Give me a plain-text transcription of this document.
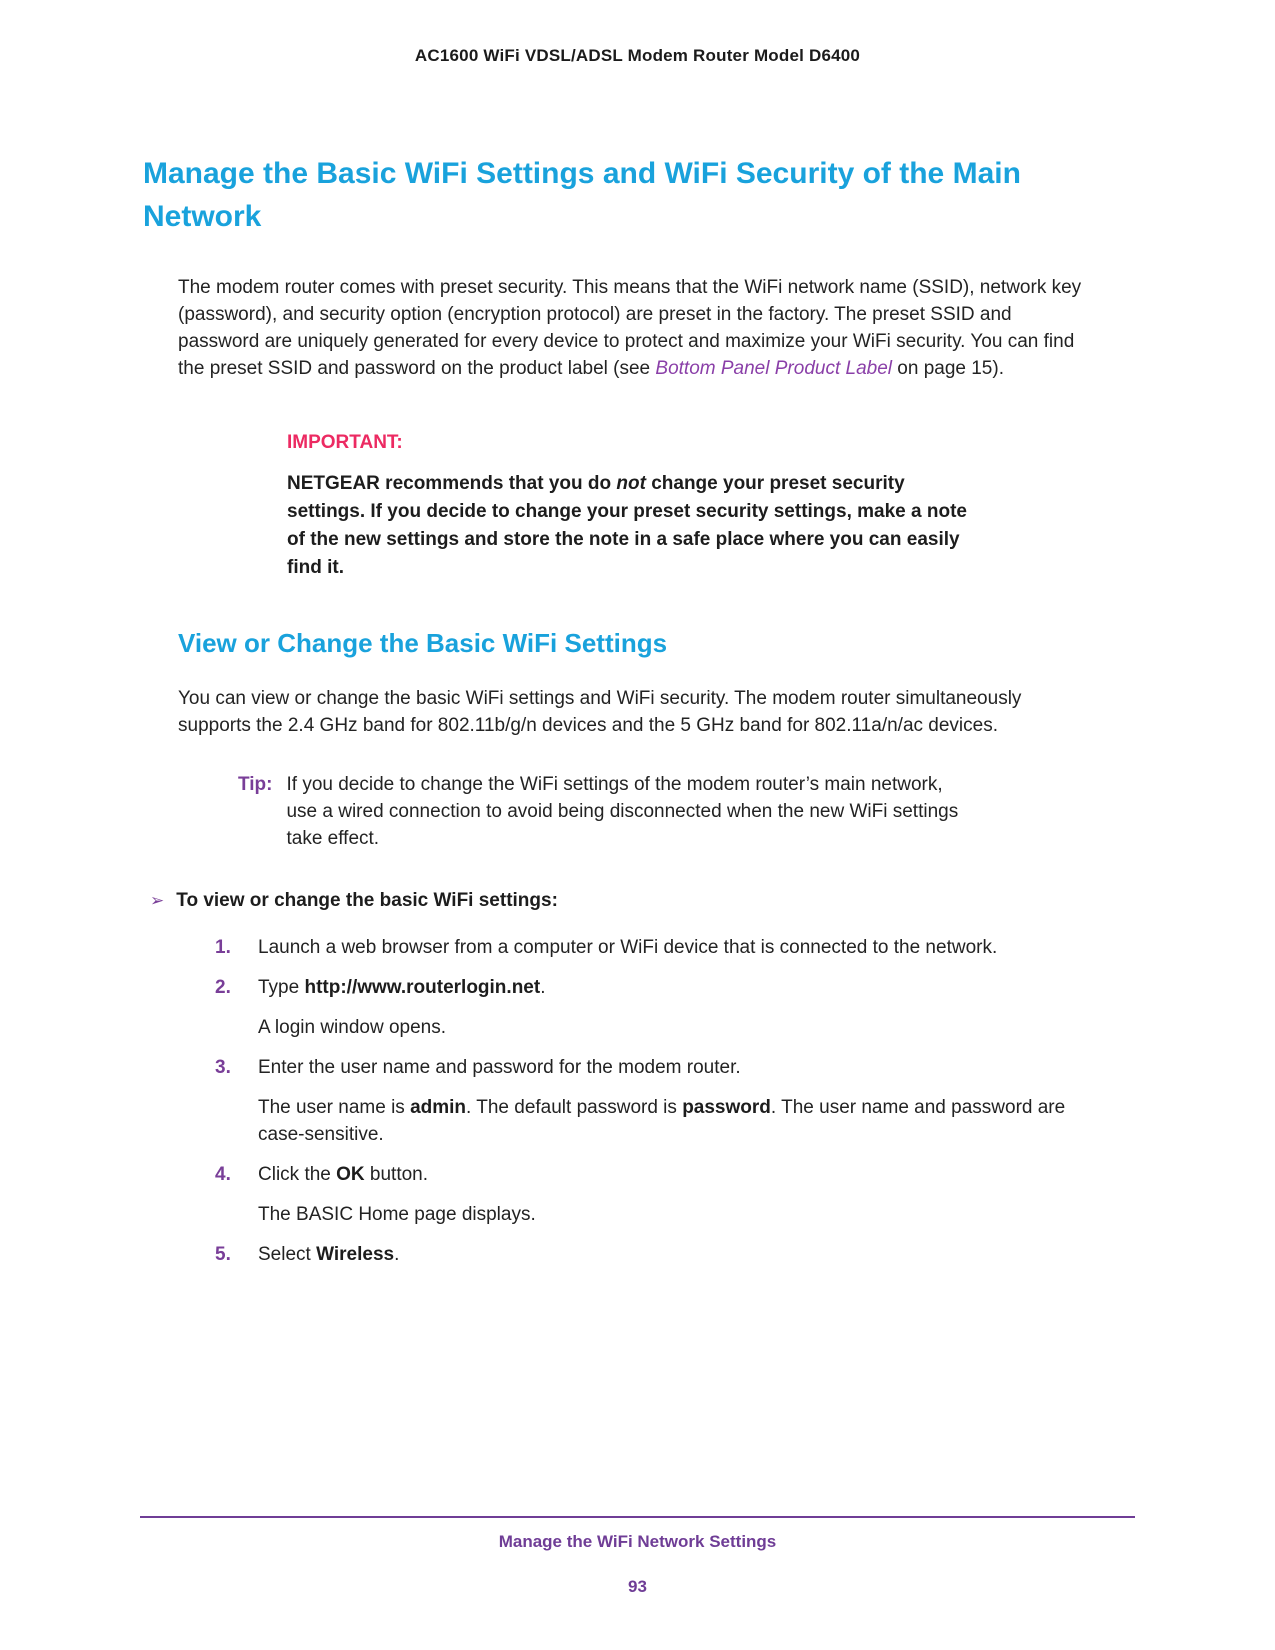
AC1600 WiFi VDSL/ADSL Modem Router Model D6400
Manage the Basic WiFi Settings and WiFi Security of the Main Network

The modem router comes with preset security. This means that the WiFi network name (SSID), network key (password), and security option (encryption protocol) are preset in the factory. The preset SSID and password are uniquely generated for every device to protect and maximize your WiFi security. You can find the preset SSID and password on the product label (see Bottom Panel Product Label on page 15).

IMPORTANT:

NETGEAR recommends that you do not change your preset security settings. If you decide to change your preset security settings, make a note of the new settings and store the note in a safe place where you can easily find it.

View or Change the Basic WiFi Settings

You can view or change the basic WiFi settings and WiFi security. The modem router simultaneously supports the 2.4 GHz band for 802.11b/g/n devices and the 5 GHz band for 802.11a/n/ac devices.

Tip: If you decide to change the WiFi settings of the modem router’s main network, use a wired connection to avoid being disconnected when the new WiFi settings take effect.
➢ To view or change the basic WiFi settings:
1.	Launch a web browser from a computer or WiFi device that is connected to the network.

2.	Type http://www.routerlogin.net.

A login window opens.

3.	Enter the user name and password for the modem router.

The user name is admin. The default password is password. The user name and password are case-sensitive.

4.	Click the OK button.

The BASIC Home page displays.

5.	Select Wireless.

Manage the WiFi Network Settings
93
